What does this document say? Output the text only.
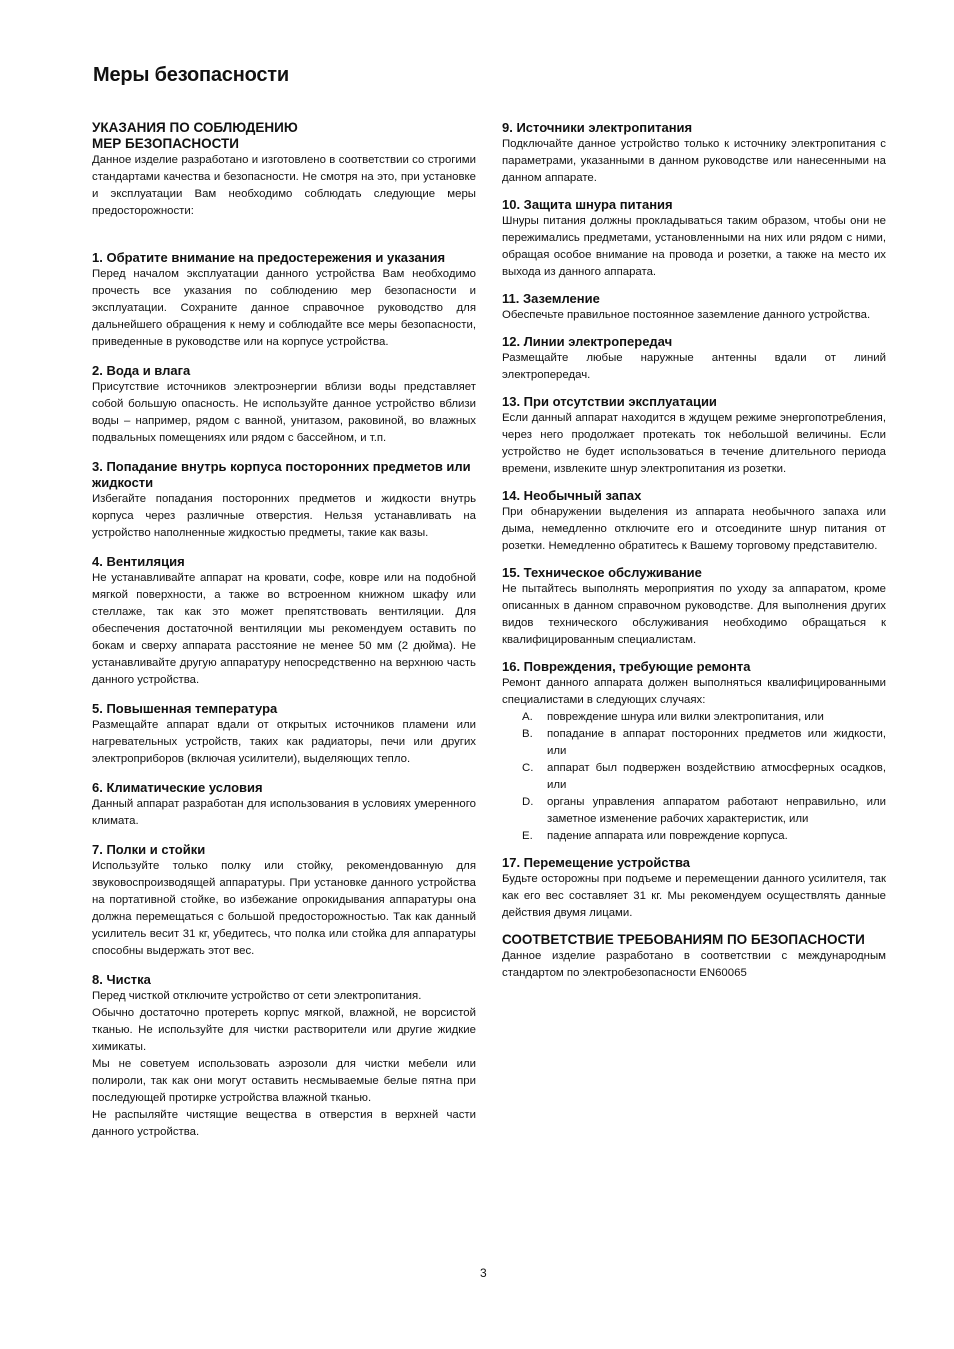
Меры безопасности
УКАЗАНИЯ ПО СОБЛЮДЕНИЮ
МЕР БЕЗОПАСНОСТИ

Данное изделие разработано и изготовлено в соответствии со строгими стандартами качества и безопасности. Не смотря на это, при установке и эксплуатации Вам необходимо соблюдать следующие меры предосторожности:

1. Обратите внимание на предостережения и указания

Перед началом эксплуатации данного устройства Вам необходимо прочесть все указания по соблюдению мер безопасности и эксплуатации. Сохраните данное справочное руководство для дальнейшего обращения к нему и соблюдайте все меры безопасности, приведенные в руководстве или на корпусе устройства.

2. Вода и влага

Присутствие источников электроэнергии вблизи воды представляет собой большую опасность. Не используйте данное устройство вблизи воды – например, рядом с ванной, унитазом, раковиной, во влажных подвальных помещениях или рядом с бассейном, и т.п.

3. Попадание внутрь корпуса посторонних предметов или жидкости

Избегайте попадания посторонних предметов и жидкости внутрь корпуса через различные отверстия. Нельзя устанавливать на устройство наполненные жидкостью предметы, такие как вазы.

4. Вентиляция

Не устанавливайте аппарат на кровати, софе, ковре или на подобной мягкой поверхности, а также во встроенном книжном шкафу или стеллаже, так как это может препятствовать вентиляции. Для обеспечения достаточной вентиляции мы рекомендуем оставить по бокам и сверху аппарата расстояние не менее 50 мм (2 дюйма). Не устанавливайте другую аппаратуру непосредственно на верхнюю часть данного устройства.

5. Повышенная температура

Размещайте аппарат вдали от открытых источников пламени или нагревательных устройств, таких как радиаторы, печи или других электроприборов (включая усилители), выделяющих тепло.

6. Климатические условия

Данный аппарат разработан для использования в условиях умеренного климата.

7. Полки и стойки

Используйте только полку или стойку, рекомендованную для звуковоспроизводящей аппаратуры. При установке данного устройства на портативной стойке, во избежание опрокидывания аппаратуры она должна перемещаться с большой предосторожностью. Так как данный усилитель весит 31 кг, убедитесь, что полка или стойка для аппаратуры способны выдержать этот вес.

8. Чистка

Перед чисткой отключите устройство от сети электропитания.

Обычно достаточно протереть корпус мягкой, влажной, не ворсистой тканью. Не используйте для чистки растворители или другие жидкие химикаты.

Мы не советуем использовать аэрозоли для чистки мебели или полироли, так как они могут оставить несмываемые белые пятна при последующей протирке устройства влажной тканью.

Не распыляйте чистящие вещества в отверстия в верхней части данного устройства.

9. Источники электропитания

Подключайте данное устройство только к источнику электропитания с параметрами, указанными в данном руководстве или нанесенными на данном аппарате.

10. Защита шнура питания

Шнуры питания должны прокладываться таким образом, чтобы они не пережимались предметами, установленными на них или рядом с ними, обращая особое внимание на провода и розетки, а также на место их выхода из данного аппарата.

11. Заземление

Обеспечьте правильное постоянное заземление данного устройства.

12. Линии электропередач

Размещайте любые наружные антенны вдали от линий электропередач.

13. При отсутствии эксплуатации

Если данный аппарат находится в ждущем режиме энергопотребления, через него продолжает протекать ток небольшой величины. Если устройство не будет использоваться в течение длительного периода времени, извлеките шнур электропитания из розетки.

14. Необычный запах

При обнаружении выделения из аппарата необычного запаха или дыма, немедленно отключите его и отсоедините шнур питания от розетки. Немедленно обратитесь к Вашему торговому представителю.

15. Техническое обслуживание

Не пытайтесь выполнять мероприятия по уходу за аппаратом, кроме описанных в данном справочном руководстве. Для выполнения других видов технического обслуживания необходимо обращаться к квалифицированным специалистам.

16. Повреждения, требующие ремонта

Ремонт данного аппарата должен выполняться квалифицированными специалистами в следующих случаях:

A.	повреждение шнура или вилки электропитания, или
B.	попадание в аппарат посторонних предметов или жидкости, или
C.	аппарат был подвержен воздействию атмосферных осадков, или
D.	органы управления аппаратом работают неправильно, или заметное изменение рабочих характеристик, или
E.	падение аппарата или повреждение корпуса.
17. Перемещение устройства

Будьте осторожны при подъеме и перемещении данного усилителя, так как его вес составляет 31 кг. Мы рекомендуем осуществлять данные действия двумя лицами.

СООТВЕТСТВИЕ ТРЕБОВАНИЯМ ПО БЕЗОПАСНОСТИ

Данное изделие разработано в соответствии с международным стандартом по электробезопасности EN60065

3
